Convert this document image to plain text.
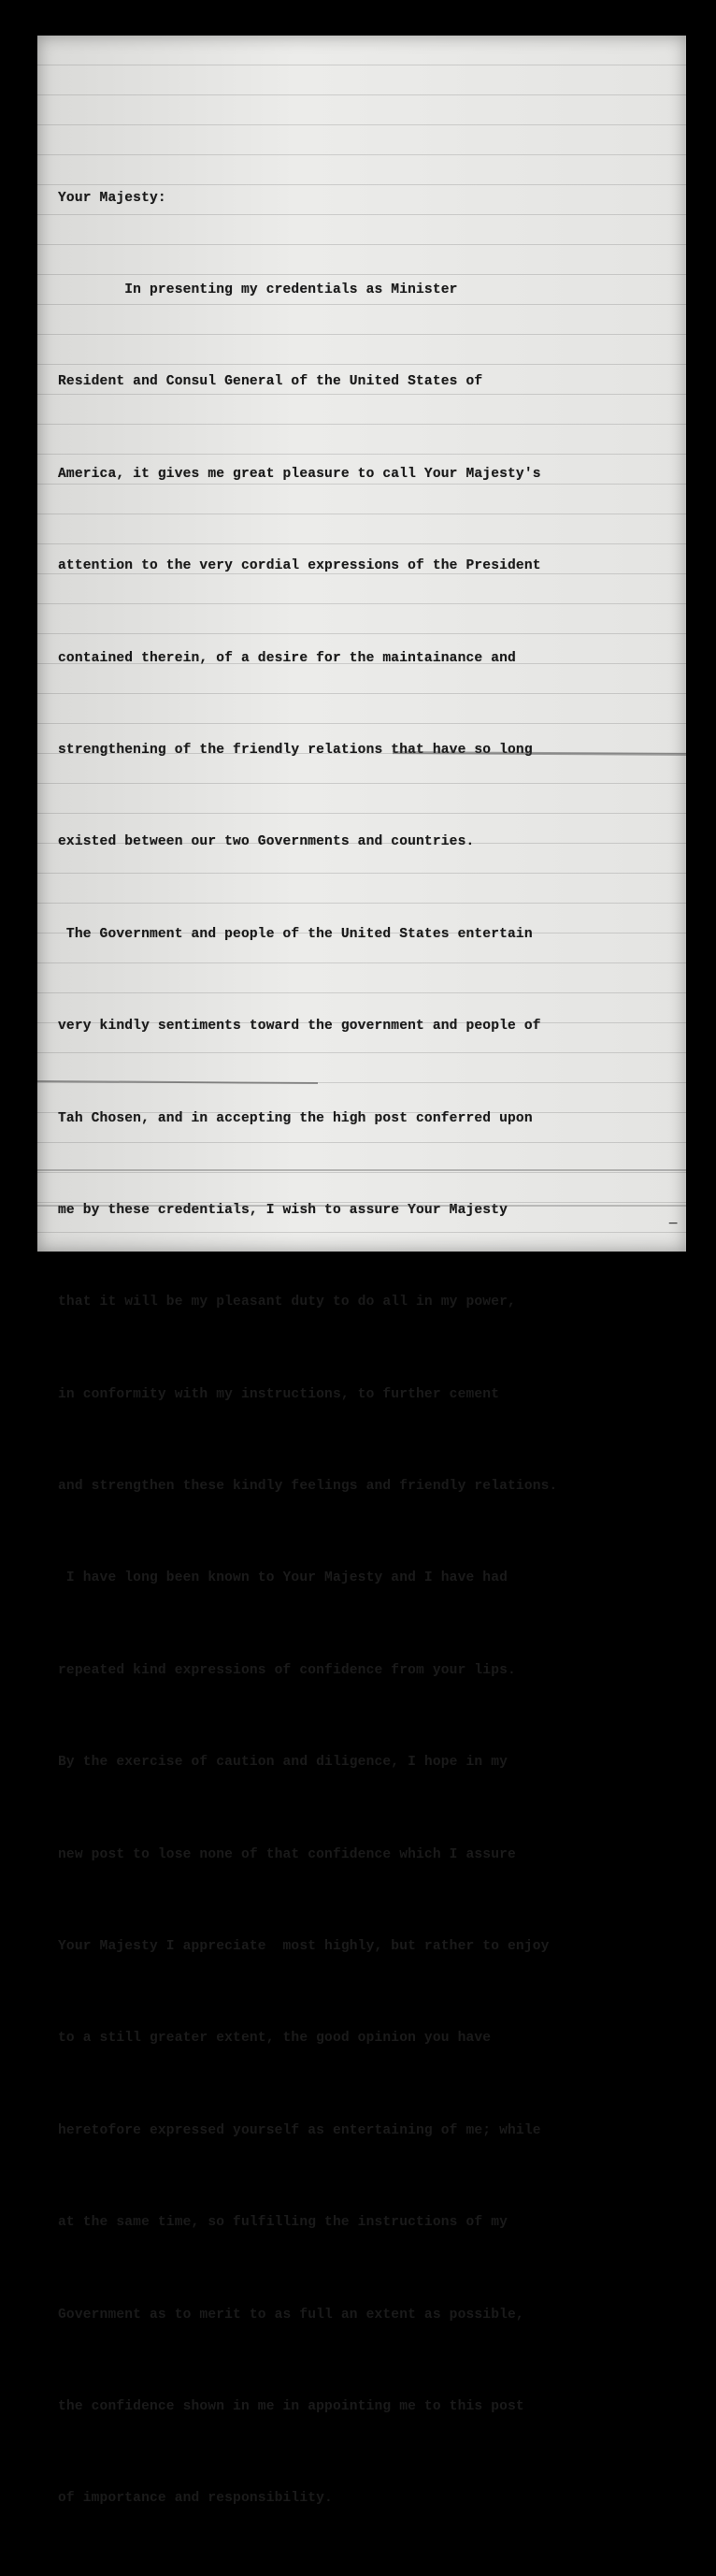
Your Majesty:

In presenting my credentials as Minister

Resident and Consul General of the United States of

America, it gives me great pleasure to call Your Majesty's

attention to the very cordial expressions of the President

contained therein, of a desire for the maintainance and

strengthening of the friendly relations that have so long

existed between our two Governments and countries.

The Government and people of the United States entertain

very kindly sentiments toward the government and people of

Tah Chosen, and in accepting the high post conferred upon

me by these credentials, I wish to assure Your Majesty

that it will be my pleasant duty to do all in my power,

in conformity with my instructions, to further cement

and strengthen these kindly feelings and friendly relations.

I have long been known to Your Majesty and I have had

repeated kind expressions of confidence from your lips.

By the exercise of caution and diligence, I hope in my

new post to lose none of that confidence which I assure

Your Majesty I appreciate  most highly, but rather to enjoy

to a still greater extent, the good opinion you have

heretofore expressed yourself as entertaining of me; while

at the same time, so fulfilling the instructions of my

Government as to merit to as full an extent as possible,

the confidence shown in me in appointing me to this post

of importance and responsibility.

−
